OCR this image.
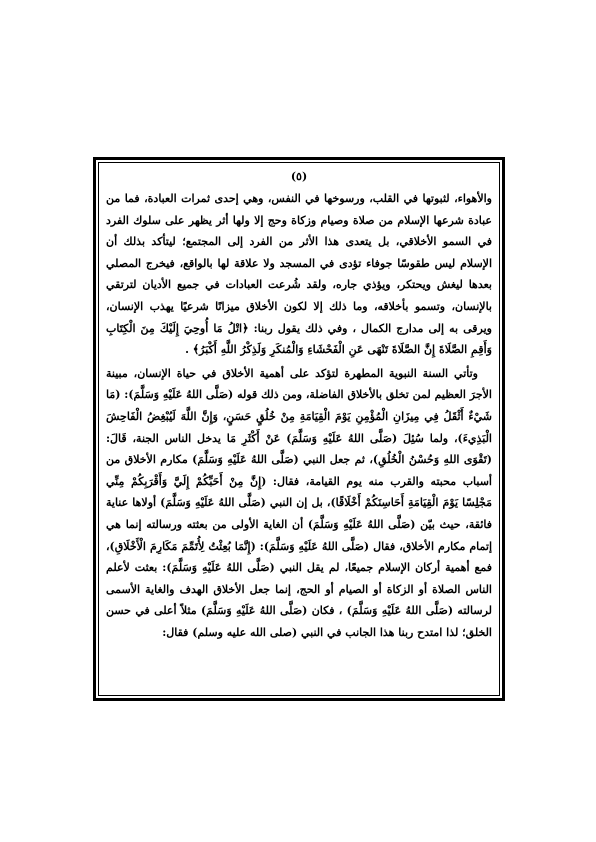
(٥)

والأهواء، لثبوتها في القلب، ورسوخها في النفس، وهي إحدى ثمرات العبادة، فما من عبادة شرعها الإسلام من صلاة وصيام وزكاة وحج إلا ولها أثر يظهر على سلوك الفرد في السمو الأخلاقي، بل يتعدى هذا الأثر من الفرد إلى المجتمع؛ ليتأكد بذلك أن الإسلام ليس طقوسًا جوفاء تؤدى في المسجد ولا علاقة لها بالواقع، فيخرج المصلي بعدها ليغش ويحتكر، ويؤذي جاره، ولقد شُرعت العبادات في جميع الأديان لترتقي بالإنسان، وتسمو بأخلاقه، وما ذلك إلا لكون الأخلاق ميزانًا شرعيًا يهذب الإنسان، ويرقى به إلى مدارج الكمال ، وفي ذلك يقول ربنا: ﴿اتْلُ مَا أُوحِيَ إِلَيْكَ مِنَ الْكِتَابِ وَأَقِمِ الصَّلَاةَ إِنَّ الصَّلَاةَ تَنْهَى عَنِ الْفَحْشَاءِ وَالْمُنكَرِ وَلَذِكْرُ اللَّهِ أَكْبَرُ﴾ .

وتأتي السنة النبوية المطهرة لتؤكد على أهمية الأخلاق في حياة الإنسان، مبينة الأجرَ العظيم لمن تخلق بالأخلاق الفاضلة، ومن ذلك قوله (صَلَّى اللهُ عَلَيْهِ وَسَلَّمَ): (مَا شَيْءٌ أَثْقَلُ فِي مِيزَانِ الْمُؤْمِنِ يَوْمَ الْقِيَامَةِ مِنْ خُلُقٍ حَسَنٍ، وَإِنَّ اللَّهَ لَيُبْغِضُ الْفَاحِشَ الْبَذِيءَ)، ولما سُئِلَ (صَلَّى اللهُ عَلَيْهِ وَسَلَّمَ) عَنْ أَكْثَرِ مَا يدخل الناس الجنة، قَالَ: (تَقْوَى اللهِ وَحُسْنُ الْخُلُقِ)، ثم جعل النبي (صَلَّى اللهُ عَلَيْهِ وَسَلَّمَ) مكارم الأخلاق من أسباب محبته والقرب منه يوم القيامة، فقال: (إِنَّ مِنْ أَحَبِّكُمْ إِلَيَّ وَأَقْرَبِكُمْ مِنِّي مَجْلِسًا يَوْمَ الْقِيَامَةِ أَحَاسِنَكُمْ أَخْلَاقًا)، بل إن النبي (صَلَّى اللهُ عَلَيْهِ وَسَلَّمَ) أولاها عناية فائقة، حيث بيّن (صَلَّى اللهُ عَلَيْهِ وَسَلَّمَ) أن الغاية الأولى من بعثته ورسالته إنما هي إتمام مكارم الأخلاق، فقال (صَلَّى اللهُ عَلَيْهِ وَسَلَّمَ): (إِنَّمَا بُعِثْتُ لِأُتَمِّمَ مَكَارِمَ الْأَخْلَاقِ)، فمع أهمية أركان الإسلام جميعًا، لم يقل النبي (صَلَّى اللهُ عَلَيْهِ وَسَلَّمَ): بعثت لأعلم الناس الصلاة أو الزكاة أو الصيام أو الحج، إنما جعل الأخلاق الهدف والغاية الأسمى لرسالته (صَلَّى اللهُ عَلَيْهِ وَسَلَّمَ) ، فكان (صَلَّى اللهُ عَلَيْهِ وَسَلَّمَ) مثلاً أعلى في حسن الخلق؛ لذا امتدح ربنا هذا الجانب في النبي (صلى الله عليه وسلم) فقال:
